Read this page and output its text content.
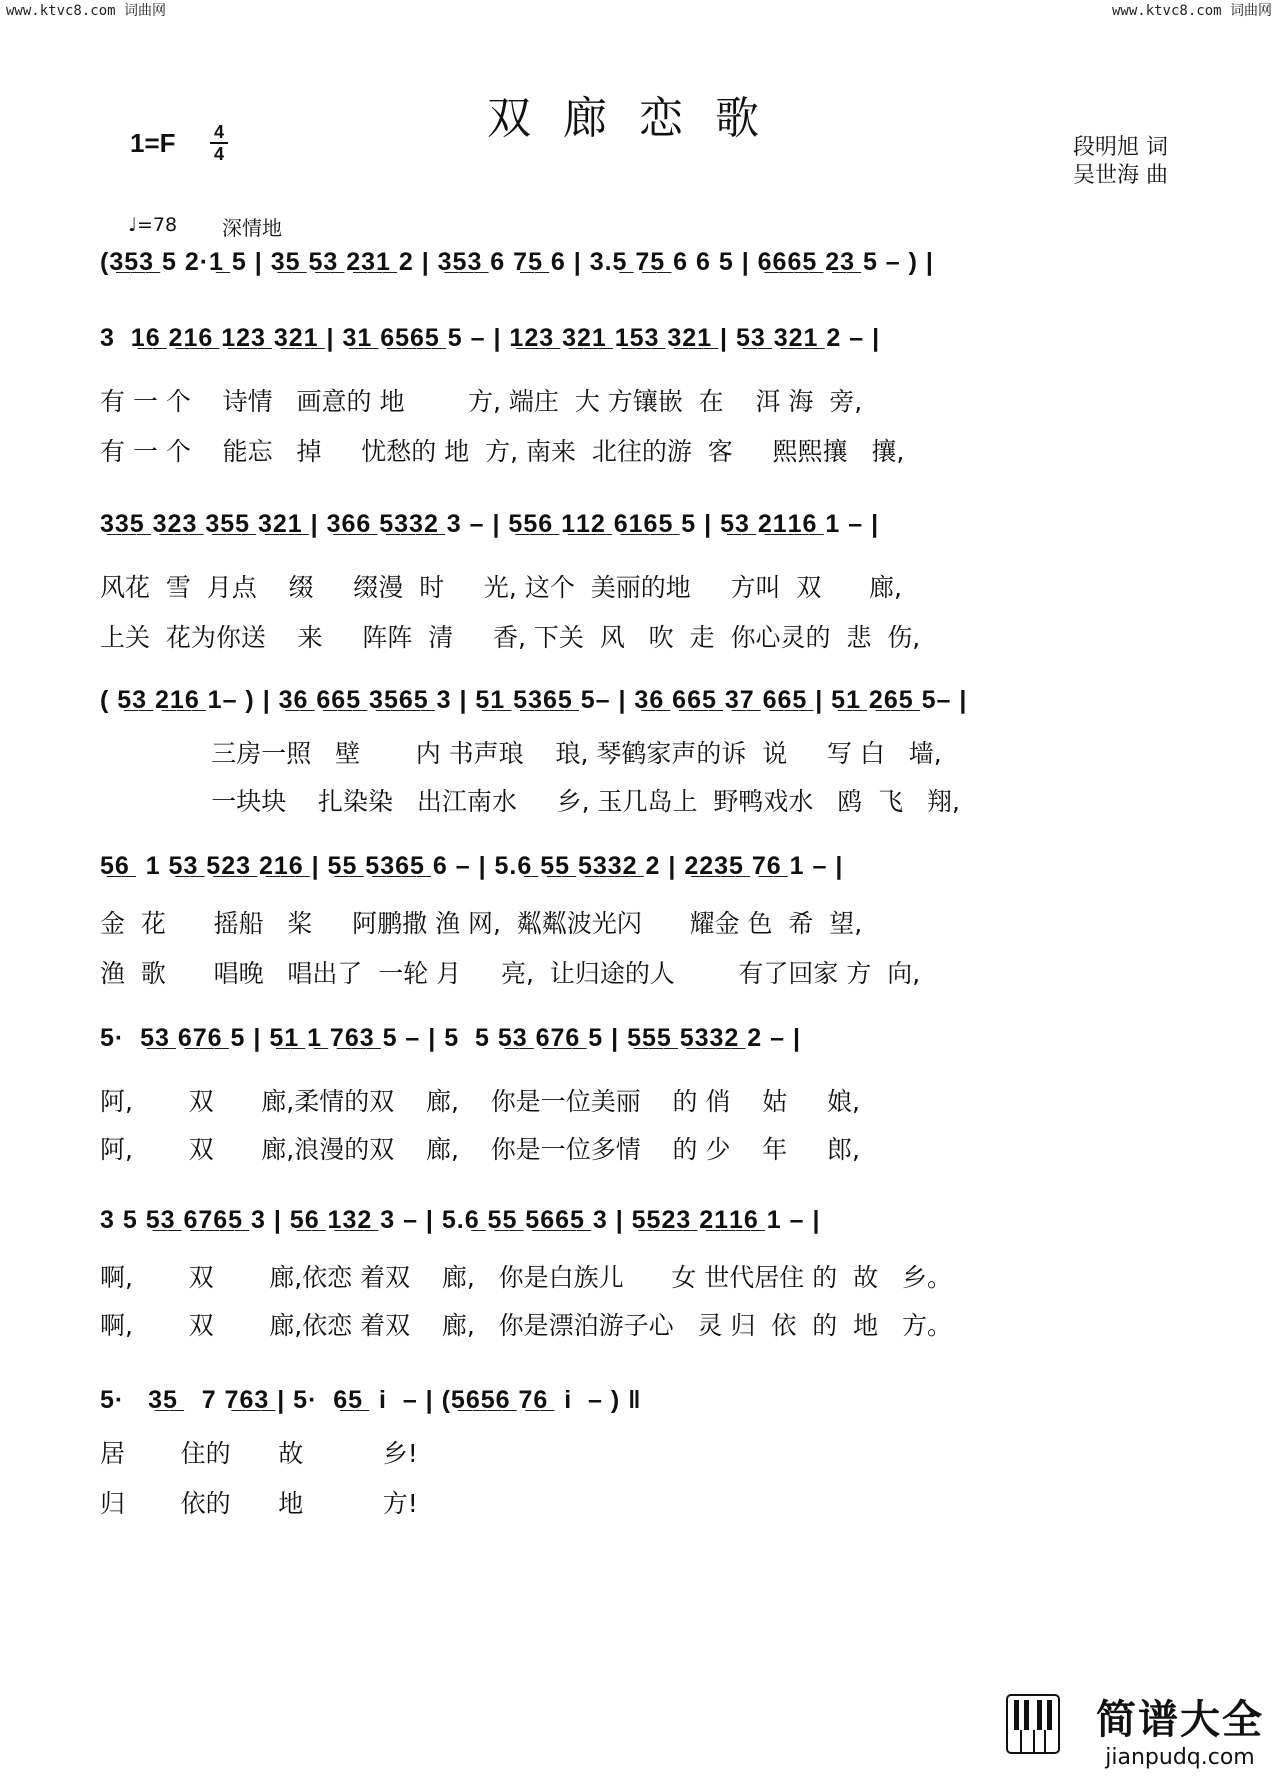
www.ktvc8.com 词曲网	www.ktvc8.com 词曲网
双廊恋歌
1=F 4
4	段明旭 词
吴世海 曲
♩=78 深情地
(3̲5̲3̲ 5 2·1̲ 5 | 3̲5̲ 5̲3̲ 2̲3̲1̲ 2 | 3̲5̲3̲ 6 7̲5̲ 6 | 3.5̲ 7̲5̲ 6 6 5 | 6̲6̲6̲5̲ 2̲3̲ 5 – ) |
3  1̲6̲ 2̲1̲6̲ 1̲2̲3̲ 3̲2̲1̲ | 3̲1̲ 6̲5̲6̲5̲ 5 – | 1̲2̲3̲ 3̲2̲1̲ 1̲5̲3̲ 3̲2̲1̲ | 5̲3̲ 3̲2̲1̲ 2 – |
有 一 个    诗情   画意的 地        方, 端庄  大 方镶嵌  在    洱 海  旁,
有 一 个    能忘   掉     忧愁的 地  方, 南来  北往的游  客     熙熙攘   攘,
3̲3̲5̲ 3̲2̲3̲ 3̲5̲5̲ 3̲2̲1̲ | 3̲6̲6̲ 5̲3̲3̲2̲ 3 – | 5̲5̲6̲ 1̲1̲2̲ 6̲1̲6̲5̲ 5 | 5̲3̲ 2̲1̲1̲6̲ 1 – |
风花  雪  月点    缀     缀漫  时     光, 这个  美丽的地     方叫  双      廊,
上关  花为你送    来     阵阵  清     香, 下关  风   吹  走  你心灵的  悲  伤,
( 5̲3̲ 2̲1̲6̲ 1– ) | 3̲6̲ 6̲6̲5̲ 3̲5̲6̲5̲ 3 | 5̲1̲ 5̲3̲6̲5̲ 5– | 3̲6̲ 6̲6̲5̲ 3̲7̲ 6̲6̲5̲ | 5̲1̲ 2̲6̲5̲ 5– |
三房一照   壁       内 书声琅    琅, 琴鹤家声的诉  说     写 白   墙,
一块块    扎染染   出江南水     乡, 玉几岛上  野鸭戏水   鸥  飞   翔,
5̲6̲  1 5̲3̲ 5̲2̲3̲ 2̲1̲6̲ | 5̲5̲ 5̲3̲6̲5̲ 6 – | 5.6̲ 5̲5̲ 5̲3̲3̲2̲ 2 | 2̲2̲3̲5̲ 7̲6̲ 1 – |
金  花      摇船   桨     阿鹏撒 渔 网,  粼粼波光闪      耀金 色  希  望,
渔  歌      唱晚   唱出了  一轮 月     亮,  让归途的人        有了回家 方  向,
5·  5̲3̲ 6̲7̲6̲ 5 | 5̲1̲ 1̲ 7̲6̲3̲ 5 – | 5  5 5̲3̲ 6̲7̲6̲ 5 | 5̲5̲5̲ 5̲3̲3̲2̲ 2 – |
阿,       双      廊,柔情的双    廊,    你是一位美丽    的 俏    姑     娘,
阿,       双      廊,浪漫的双    廊,    你是一位多情    的 少    年     郎,
3 5 5̲3̲ 6̲7̲6̲5̲ 3 | 5̲6̲ 1̲3̲2̲ 3 – | 5.6̲ 5̲5̲ 5̲6̲6̲5̲ 3 | 5̲5̲2̲3̲ 2̲1̲1̲6̲ 1 – |
啊,       双       廊,依恋 着双    廊,   你是白族儿      女 世代居住 的  故   乡。
啊,       双       廊,依恋 着双    廊,   你是漂泊游子心   灵 归  依  的  地   方。
5·   3̲5̲   7 7̲6̲3̲ | 5·  6̲5̲  i  – | (5̲6̲5̲6̲ 7̲6̲  i  – ) ‖
居       住的      故          乡!
归       依的      地          方!
简谱大全
jianpudq.com
